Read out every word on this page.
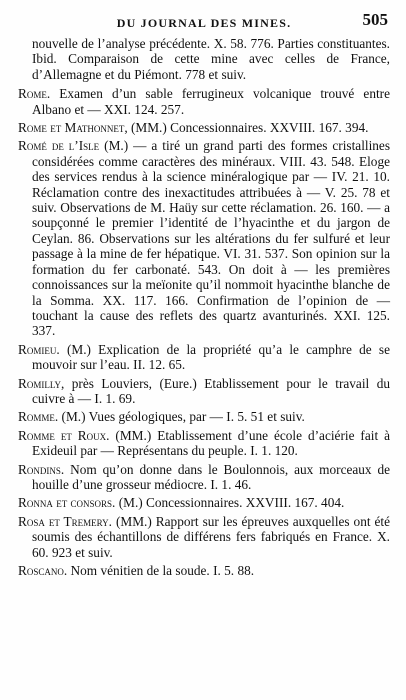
DU JOURNAL DES MINES.	505

nouvelle de l’analyse précédente. X. 58. 776. Parties constituantes. Ibid. Comparaison de cette mine avec celles de France, d’Allemagne et du Piémont. 778 et suiv.

Rome. Examen d’un sable ferrugineux volcanique trouvé entre Albano et — XXI. 124. 257.

Rome et Mathonnet, (MM.) Concessionnaires. XXVIII. 167. 394.

Romé de l’Isle (M.) — a tiré un grand parti des formes cristallines considérées comme caractères des minéraux. VIII. 43. 548. Eloge des services rendus à la science minéralogique par — IV. 21. 10. Réclamation contre des inexactitudes attribuées à — V. 25. 78 et suiv. Observations de M. Haüy sur cette réclamation. 26. 160. — a soupçonné le premier l’identité de l’hyacinthe et du jargon de Ceylan. 86. Observations sur les altérations du fer sulfuré et leur passage à la mine de fer hépatique. VI. 31. 537. Son opinion sur la formation du fer carbonaté. 543. On doit à — les premières connoissances sur la meïonite qu’il nommoit hyacinthe blanche de la Somma. XX. 117. 166. Confirmation de l’opinion de — touchant la cause des reflets des quartz avanturinés. XXI. 125. 337.

Romieu. (M.) Explication de la propriété qu’a le camphre de se mouvoir sur l’eau. II. 12. 65.

Romilly, près Louviers, (Eure.) Etablissement pour le travail du cuivre à — I. 1. 69.

Romme. (M.) Vues géologiques, par — I. 5. 51 et suiv.

Romme et Roux. (MM.) Etablissement d’une école d’aciérie fait à Exideuil par — Représentans du peuple. I. 1. 120.

Rondins. Nom qu’on donne dans le Boulonnois, aux morceaux de houille d’une grosseur médiocre. I. 1. 46.

Ronna et consors. (M.) Concessionnaires. XXVIII. 167. 404.

Rosa et Tremery. (MM.) Rapport sur les épreuves auxquelles ont été soumis des échantillons de différens fers fabriqués en France. X. 60. 923 et suiv.

Roscano. Nom vénitien de la soude. I. 5. 88.
